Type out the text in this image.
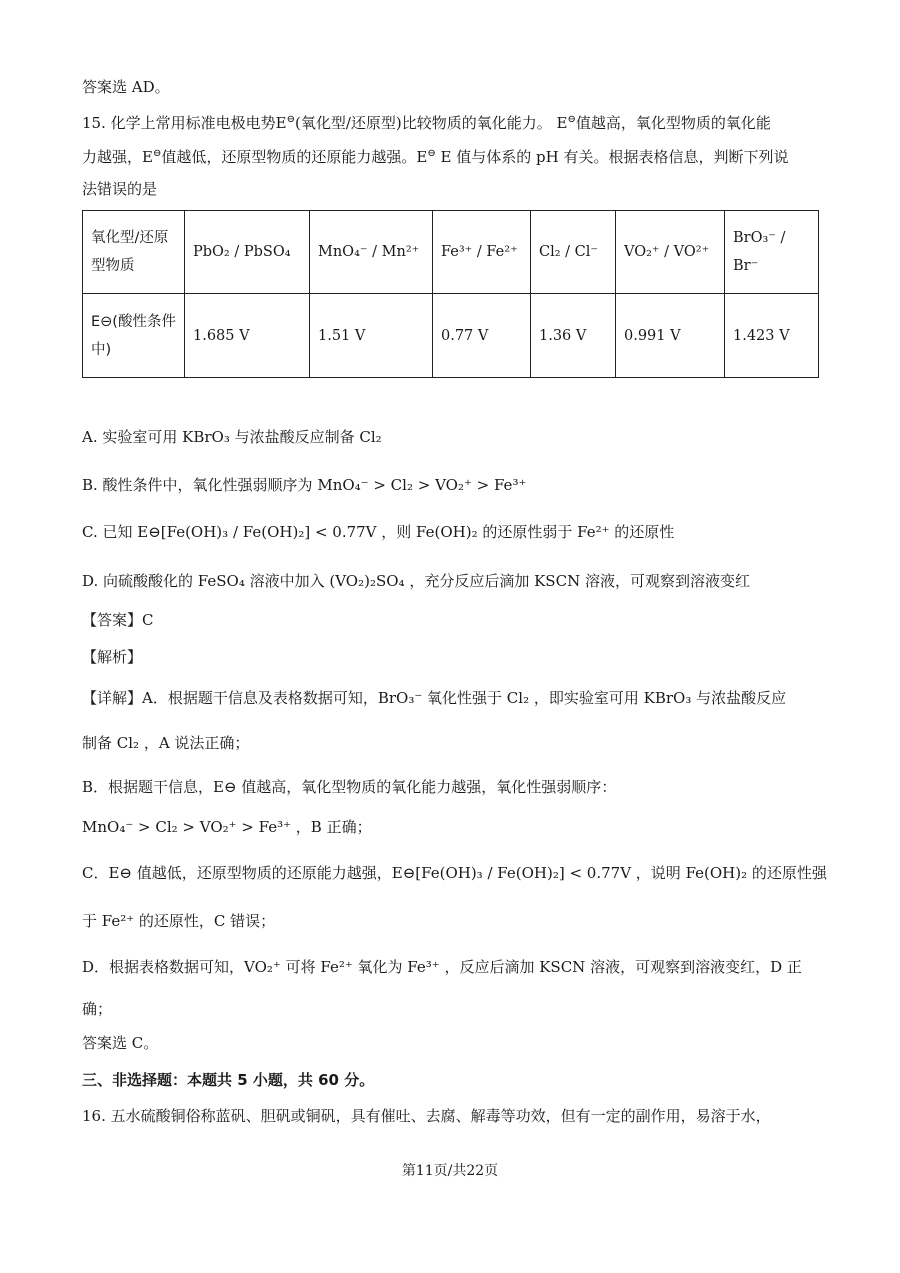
答案选 AD。
15. 化学上常用标准电极电势E⊖(氧化型/还原型)比较物质的氧化能力。 E⊖值越高，氧化型物质的氧化能
力越强，E⊖值越低，还原型物质的还原能力越强。E⊖ E 值与体系的 pH 有关。根据表格信息，判断下列说
法错误的是
氧化型/还原型物质	PbO₂ / PbSO₄	MnO₄⁻ / Mn²⁺	Fe³⁺ / Fe²⁺	Cl₂ / Cl⁻	VO₂⁺ / VO²⁺	BrO₃⁻ / Br⁻
E⊖(酸性条件中)	1.685 V	1.51 V	0.77 V	1.36 V	0.991 V	1.423 V
A. 实验室可用 KBrO₃ 与浓盐酸反应制备 Cl₂
B. 酸性条件中，氧化性强弱顺序为 MnO₄⁻ > Cl₂ > VO₂⁺ > Fe³⁺
C. 已知 E⊖[Fe(OH)₃ / Fe(OH)₂] < 0.77V ，则 Fe(OH)₂ 的还原性弱于 Fe²⁺ 的还原性
D. 向硫酸酸化的 FeSO₄ 溶液中加入 (VO₂)₂SO₄ ，充分反应后滴加 KSCN 溶液，可观察到溶液变红
【答案】C
【解析】
【详解】A．根据题干信息及表格数据可知，BrO₃⁻ 氧化性强于 Cl₂ ，即实验室可用 KBrO₃ 与浓盐酸反应
制备 Cl₂ ，A 说法正确；
B．根据题干信息，E⊖ 值越高，氧化型物质的氧化能力越强，氧化性强弱顺序：
MnO₄⁻ > Cl₂ > VO₂⁺ > Fe³⁺ ，B 正确；
C．E⊖ 值越低，还原型物质的还原能力越强，E⊖[Fe(OH)₃ / Fe(OH)₂] < 0.77V ，说明 Fe(OH)₂ 的还原性强
于 Fe²⁺ 的还原性，C 错误；
D．根据表格数据可知，VO₂⁺ 可将 Fe²⁺ 氧化为 Fe³⁺ ，反应后滴加 KSCN 溶液，可观察到溶液变红，D 正
确；
答案选 C。
三、非选择题：本题共 5 小题，共 60 分。
16. 五水硫酸铜俗称蓝矾、胆矾或铜矾，具有催吐、去腐、解毒等功效，但有一定的副作用，易溶于水，
第11页/共22页
